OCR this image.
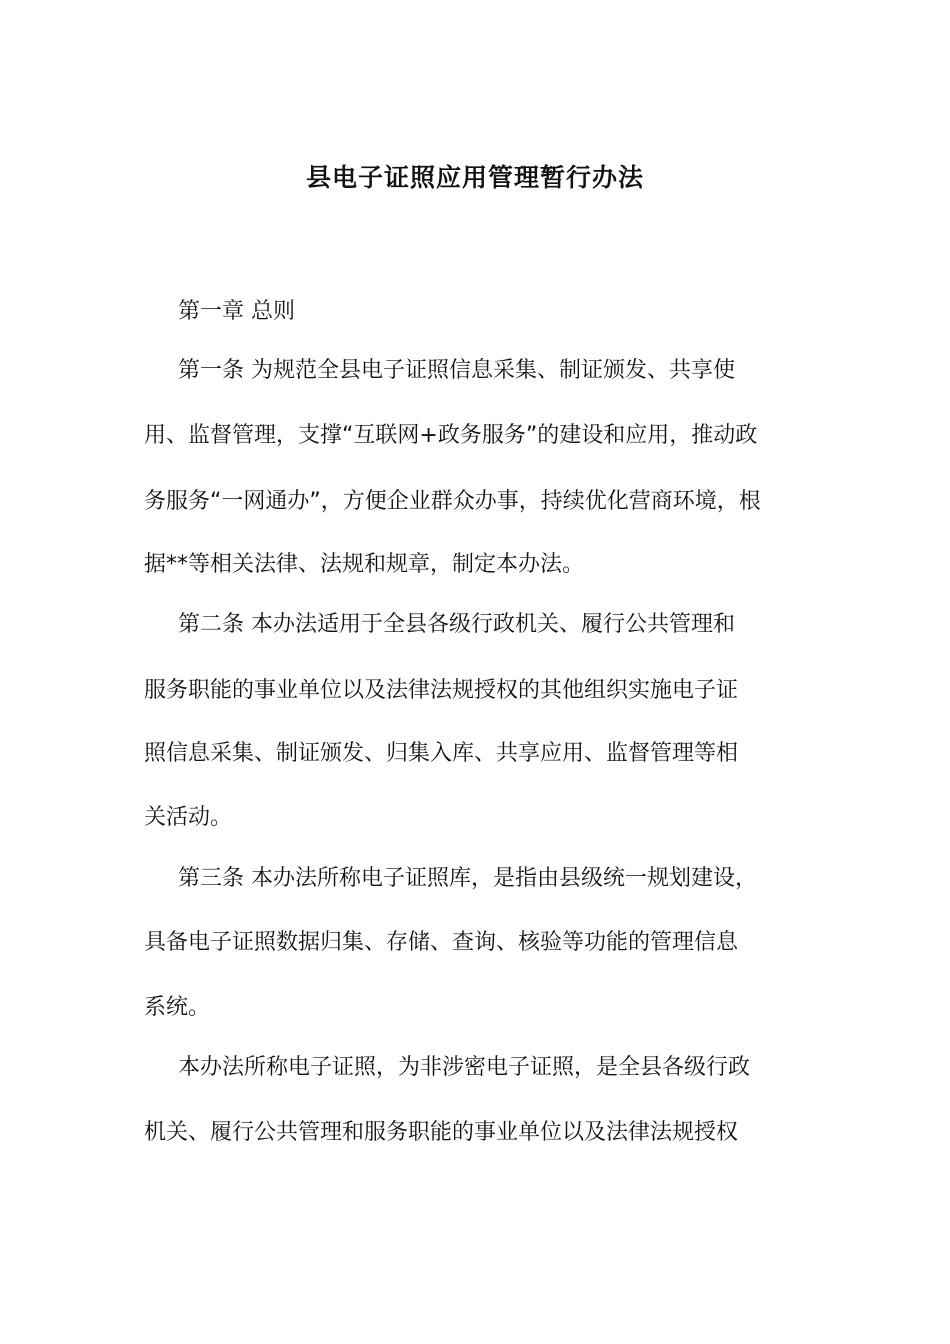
县电子证照应用管理暂行办法
第一章 总则
第一条 为规范全县电子证照信息采集、制证颁发、共享使
用、监督管理，支撑“互联网+政务服务”的建设和应用，推动政
务服务“一网通办”，方便企业群众办事，持续优化营商环境，根
据**等相关法律、法规和规章，制定本办法。
第二条 本办法适用于全县各级行政机关、履行公共管理和
服务职能的事业单位以及法律法规授权的其他组织实施电子证
照信息采集、制证颁发、归集入库、共享应用、监督管理等相
关活动。
第三条 本办法所称电子证照库，是指由县级统一规划建设，
具备电子证照数据归集、存储、查询、核验等功能的管理信息
系统。
本办法所称电子证照，为非涉密电子证照，是全县各级行政
机关、履行公共管理和服务职能的事业单位以及法律法规授权
